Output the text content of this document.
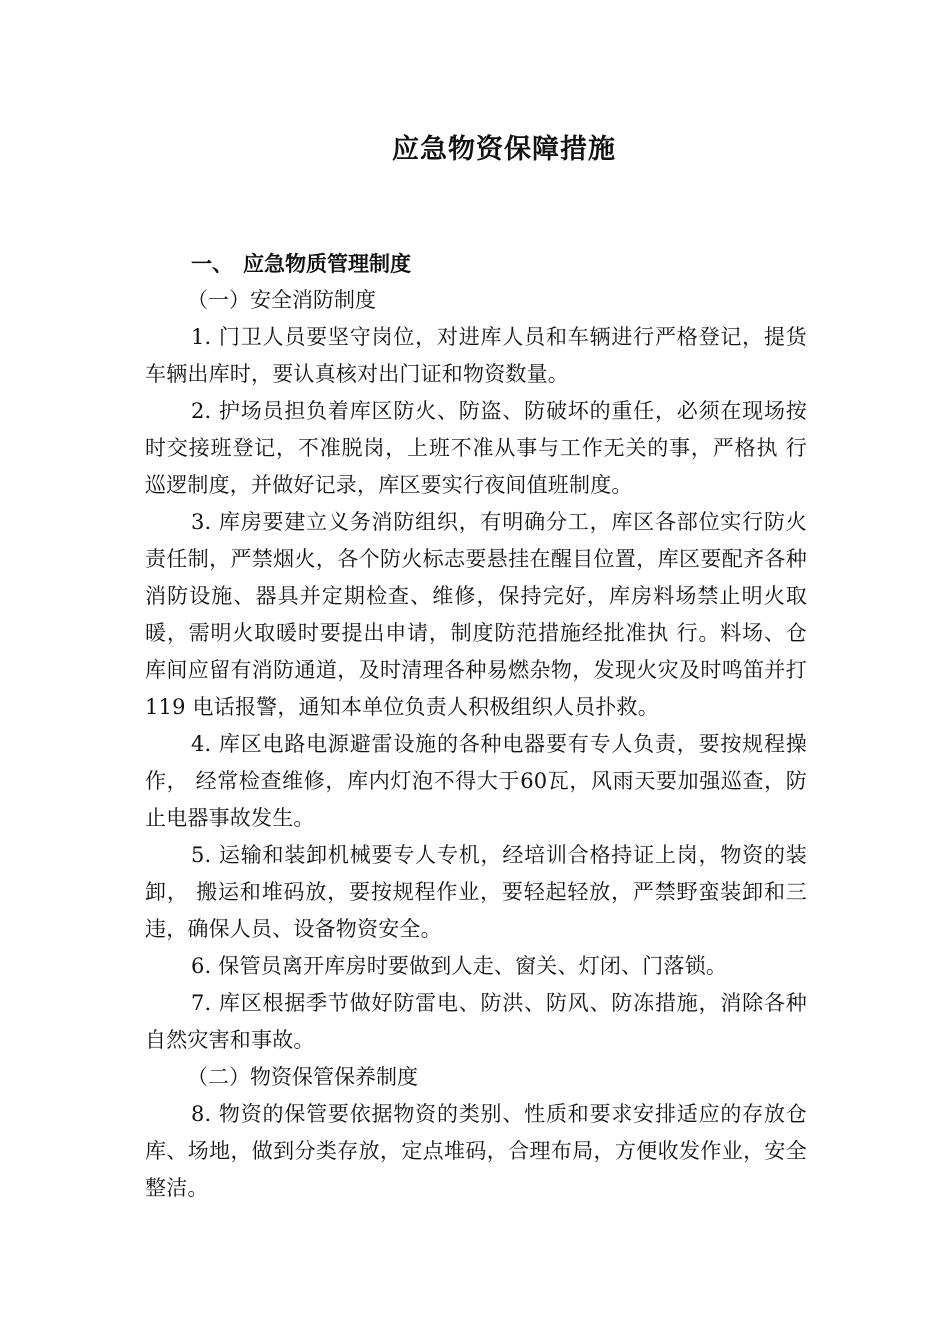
应急物资保障措施

一、 应急物质管理制度

（一）安全消防制度

1. 门卫人员要坚守岗位，对进库人员和车辆进行严格登记，提货车辆出库时，要认真核对出门证和物资数量。

2. 护场员担负着库区防火、防盗、防破坏的重任，必须在现场按时交接班登记，不准脱岗，上班不准从事与工作无关的事，严格执 行巡逻制度，并做好记录，库区要实行夜间值班制度。

3. 库房要建立义务消防组织，有明确分工，库区各部位实行防火责任制，严禁烟火，各个防火标志要悬挂在醒目位置，库区要配齐各种消防设施、器具并定期检查、维修，保持完好，库房料场禁止明火取暖，需明火取暖时要提出申请，制度防范措施经批准执 行。料场、仓库间应留有消防通道，及时清理各种易燃杂物，发现火灾及时鸣笛并打 119 电话报警，通知本单位负责人积极组织人员扑救。

4. 库区电路电源避雷设施的各种电器要有专人负责，要按规程操作， 经常检查维修，库内灯泡不得大于60瓦，风雨天要加强巡查，防止电器事故发生。

5. 运输和装卸机械要专人专机，经培训合格持证上岗，物资的装卸， 搬运和堆码放，要按规程作业，要轻起轻放，严禁野蛮装卸和三违，确保人员、设备物资安全。

6. 保管员离开库房时要做到人走、窗关、灯闭、门落锁。

7. 库区根据季节做好防雷电、防洪、防风、防冻措施，消除各种自然灾害和事故。

（二）物资保管保养制度

8. 物资的保管要依据物资的类别、性质和要求安排适应的存放仓库、场地，做到分类存放，定点堆码，合理布局，方便收发作业，安全整洁。
